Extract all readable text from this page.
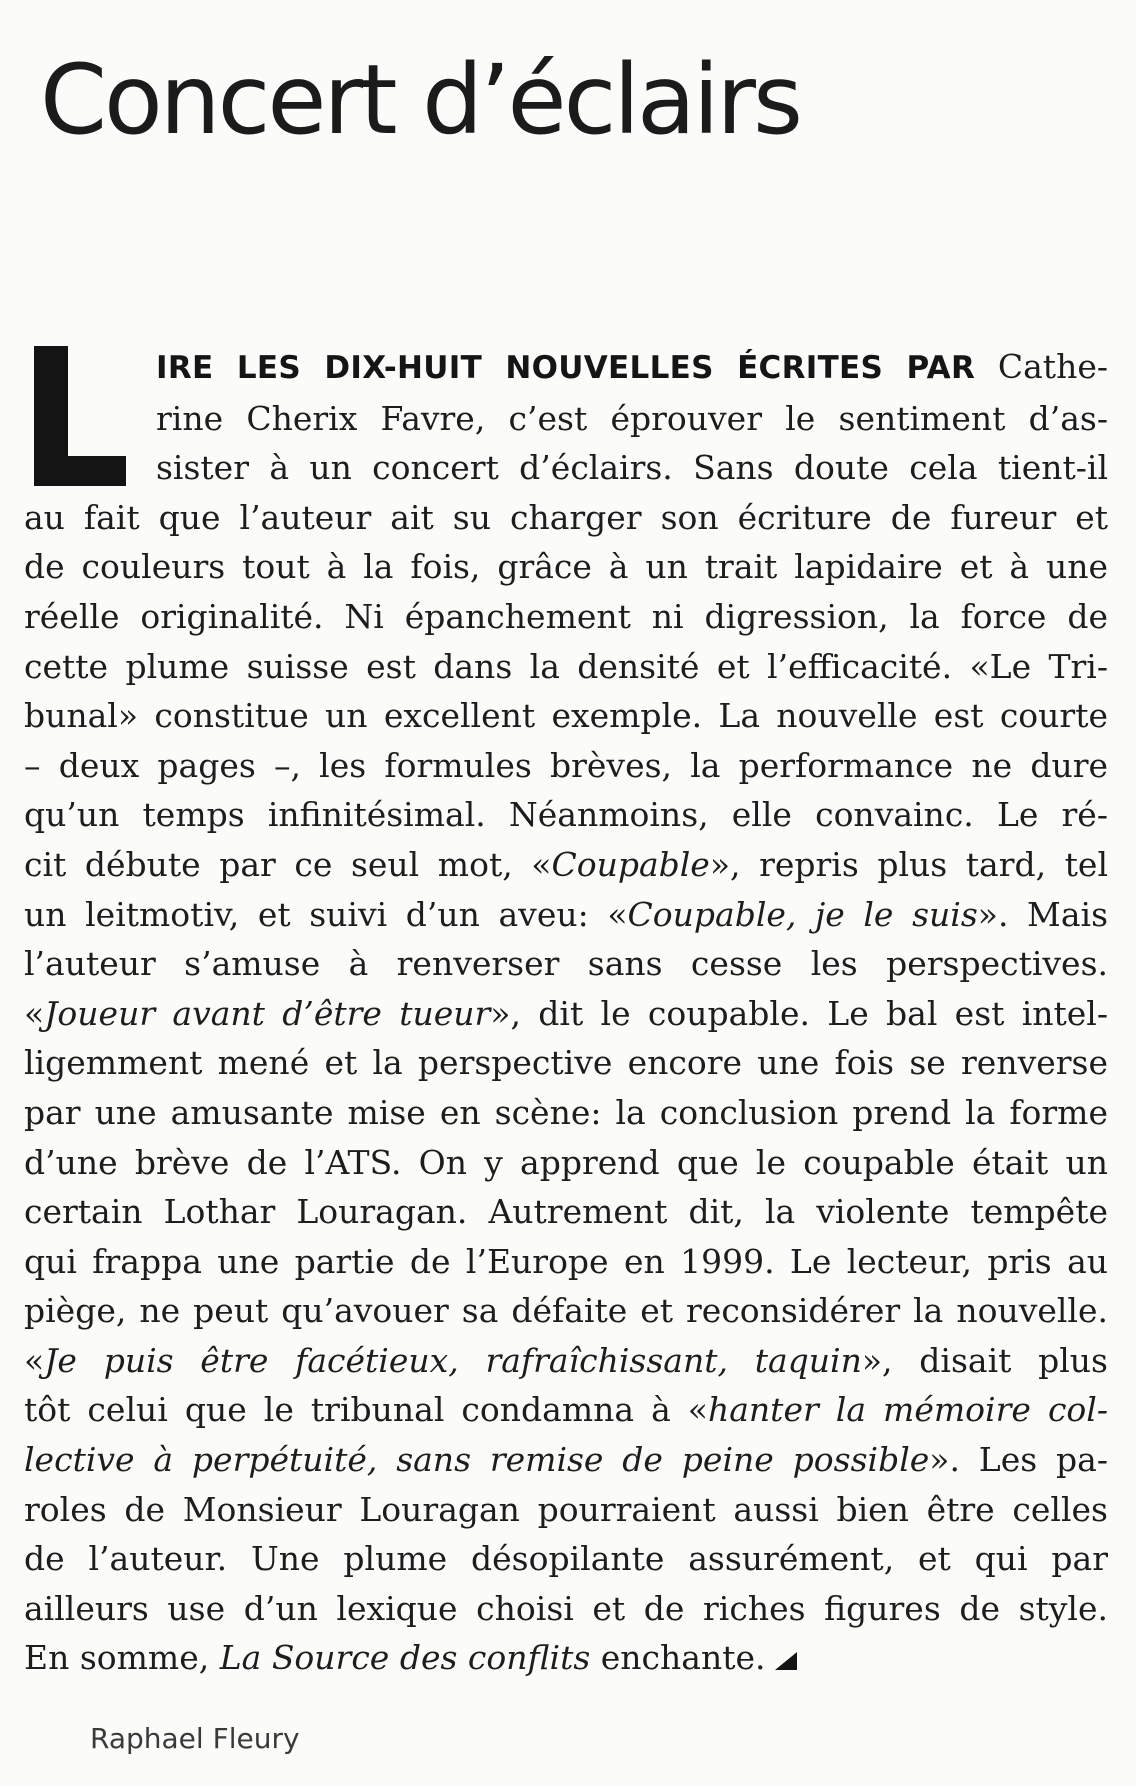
Concert d’éclairs
IRE LES DIX-HUIT NOUVELLES ÉCRITES PAR Cathe-
rine Cherix Favre, c’est éprouver le sentiment d’as-
sister à un concert d’éclairs. Sans doute cela tient-il
au fait que l’auteur ait su charger son écriture de fureur et
de couleurs tout à la fois, grâce à un trait lapidaire et à une
réelle originalité. Ni épanchement ni digression, la force de
cette plume suisse est dans la densité et l’efficacité. «Le Tri-
bunal» constitue un excellent exemple. La nouvelle est courte
– deux pages –, les formules brèves, la performance ne dure
qu’un temps infinitésimal. Néanmoins, elle convainc. Le ré-
cit débute par ce seul mot, «Coupable», repris plus tard, tel
un leitmotiv, et suivi d’un aveu: «Coupable, je le suis». Mais
l’auteur s’amuse à renverser sans cesse les perspectives.
«Joueur avant d’être tueur», dit le coupable. Le bal est intel-
ligemment mené et la perspective encore une fois se renverse
par une amusante mise en scène: la conclusion prend la forme
d’une brève de l’ATS. On y apprend que le coupable était un
certain Lothar Louragan. Autrement dit, la violente tempête
qui frappa une partie de l’Europe en 1999. Le lecteur, pris au
piège, ne peut qu’avouer sa défaite et reconsidérer la nouvelle.
«Je puis être facétieux, rafraîchissant, taquin», disait plus
tôt celui que le tribunal condamna à «hanter la mémoire col-
lective à perpétuité, sans remise de peine possible». Les pa-
roles de Monsieur Louragan pourraient aussi bien être celles
de l’auteur. Une plume désopilante assurément, et qui par
ailleurs use d’un lexique choisi et de riches figures de style.
En somme, La Source des conflits enchante.
Raphael Fleury
